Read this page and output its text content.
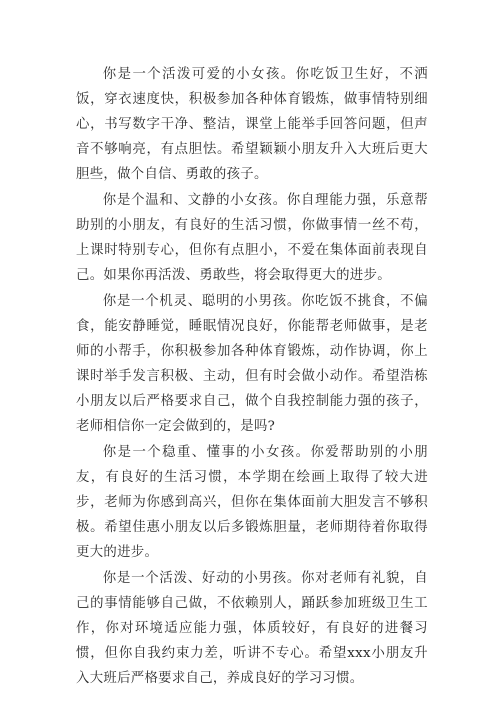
你是一个活泼可爱的小女孩。你吃饭卫生好，不洒饭，穿衣速度快，积极参加各种体育锻炼，做事情特别细心，书写数字干净、整洁，课堂上能举手回答问题，但声音不够响亮，有点胆怯。希望颖颖小朋友升入大班后更大胆些，做个自信、勇敢的孩子。

你是个温和、文静的小女孩。你自理能力强，乐意帮助别的小朋友，有良好的生活习惯，你做事情一丝不苟，上课时特别专心，但你有点胆小，不爱在集体面前表现自己。如果你再活泼、勇敢些，将会取得更大的进步。

你是一个机灵、聪明的小男孩。你吃饭不挑食，不偏食，能安静睡觉，睡眠情况良好，你能帮老师做事，是老师的小帮手，你积极参加各种体育锻炼，动作协调，你上课时举手发言积极、主动，但有时会做小动作。希望浩栋小朋友以后严格要求自己，做个自我控制能力强的孩子，老师相信你一定会做到的，是吗?

你是一个稳重、懂事的小女孩。你爱帮助别的小朋友，有良好的生活习惯，本学期在绘画上取得了较大进步，老师为你感到高兴，但你在集体面前大胆发言不够积极。希望佳惠小朋友以后多锻炼胆量，老师期待着你取得更大的进步。

你是一个活泼、好动的小男孩。你对老师有礼貌，自己的事情能够自己做，不依赖别人，踊跃参加班级卫生工作，你对环境适应能力强，体质较好，有良好的进餐习惯，但你自我约束力差，听讲不专心。希望xxx小朋友升入大班后严格要求自己，养成良好的学习习惯。
